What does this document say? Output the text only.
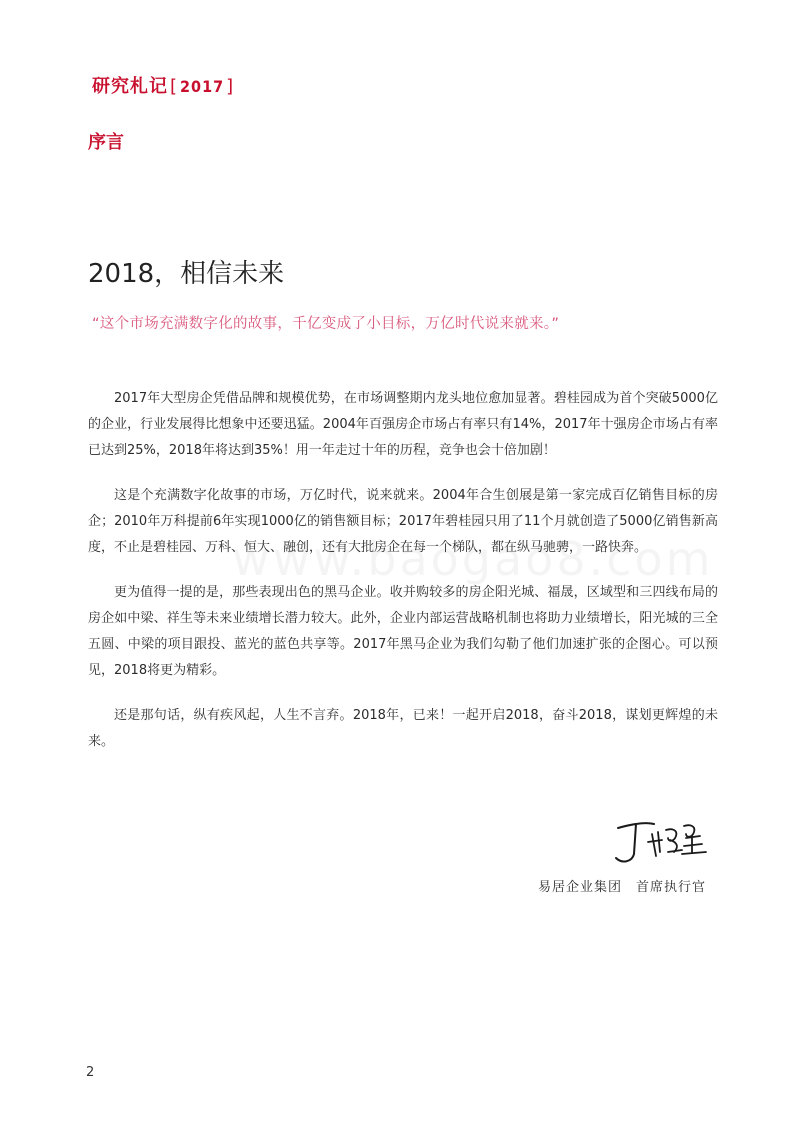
研究札记 [ 2017 ]
序言
2018，相信未来
“这个市场充满数字化的故事，千亿变成了小目标，万亿时代说来就来。”

2017年大型房企凭借品牌和规模优势，在市场调整期内龙头地位愈加显著。碧桂园成为首个突破5000亿的企业，行业发展得比想象中还要迅猛。2004年百强房企市场占有率只有14%，2017年十强房企市场占有率已达到25%，2018年将达到35%！用一年走过十年的历程，竞争也会十倍加剧！

这是个充满数字化故事的市场，万亿时代，说来就来。2004年合生创展是第一家完成百亿销售目标的房企；2010年万科提前6年实现1000亿的销售额目标；2017年碧桂园只用了11个月就创造了5000亿销售新高度，不止是碧桂园、万科、恒大、融创，还有大批房企在每一个梯队，都在纵马驰骋，一路快奔。

更为值得一提的是，那些表现出色的黑马企业。收并购较多的房企阳光城、福晟，区域型和三四线布局的房企如中梁、祥生等未来业绩增长潜力较大。此外，企业内部运营战略机制也将助力业绩增长，阳光城的三全五圆、中梁的项目跟投、蓝光的蓝色共享等。2017年黑马企业为我们勾勒了他们加速扩张的企图心。可以预见，2018将更为精彩。

还是那句话，纵有疾风起，人生不言弃。2018年，已来！一起开启2018，奋斗2018，谋划更辉煌的未来。

易居企业集团 首席执行官
2
